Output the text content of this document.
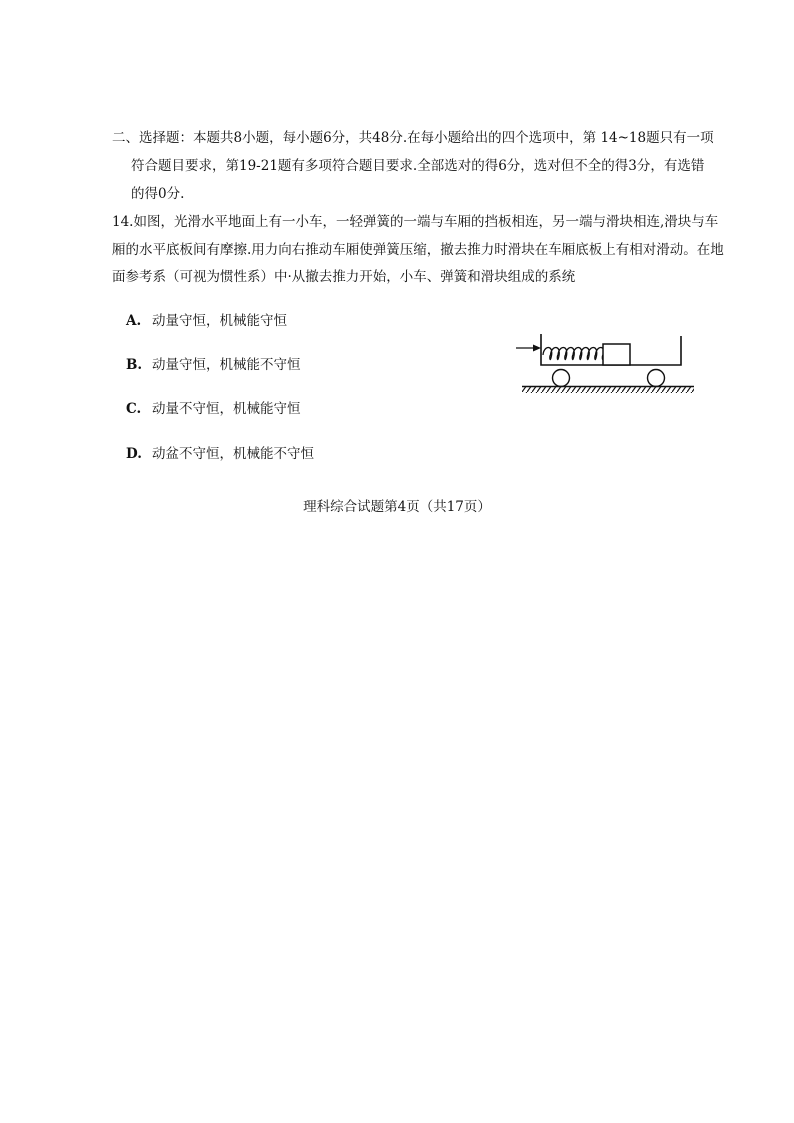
二、选择题：本题共8小题，每小题6分，共48分.在每小题给出的四个选项中，第 14~18题只有一项
符合题目要求，第19-21题有多项符合题目要求.全部选对的得6分，选对但不全的得3分，有选错
的得0分.
14.如图，光滑水平地面上有一小车，一轻弹簧的一端与车厢的挡板相连，另一端与滑块相连,滑块与车
厢的水平底板间有摩擦.用力向右推动车厢使弹簧压缩，撤去推力时滑块在车厢底板上有相对滑动。在地
面参考系（可视为惯性系）中·从撤去推力开始，小车、弹簧和滑块组成的系统
A. 动量守恒，机械能守恒
B. 动量守恒，机械能不守恒
C. 动量不守恒，机械能守恒
D. 动盆不守恒，机械能不守恒
理科综合试题第4页（共17页）
